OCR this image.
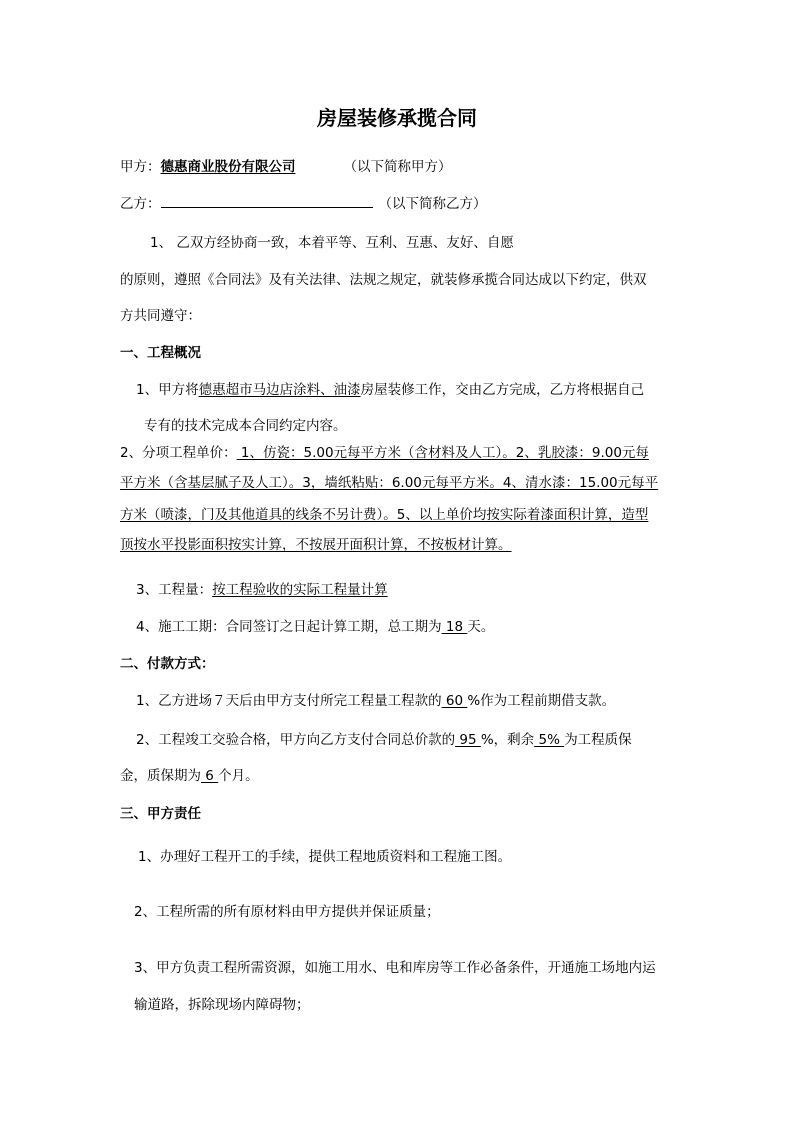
房屋装修承揽合同
甲方：德惠商业股份有限公司	（以下简称甲方）
乙方：	（以下简称乙方）
1、 乙双方经协商一致，本着平等、互利、互惠、友好、自愿
的原则，遵照《合同法》及有关法律、法规之规定，就装修承揽合同达成以下约定，供双
方共同遵守：
一、工程概况
1、甲方将德惠超市马边店涂料、油漆房屋装修工作，交由乙方完成，乙方将根据自己
专有的技术完成本合同约定内容。
2、分项工程单价： 1、仿瓷：5.00元每平方米（含材料及人工）。2、乳胶漆：9.00元每
平方米（含基层腻子及人工）。3，墙纸粘贴：6.00元每平方米。4、清水漆：15.00元每平
方米（喷漆，门及其他道具的线条不另计费）。5、以上单价均按实际着漆面积计算，造型
顶按水平投影面积按实计算，不按展开面积计算，不按板材计算。
3、工程量：按工程验收的实际工程量计算
4、施工工期：合同签订之日起计算工期，总工期为 18 天。
二、付款方式：
1、乙方进场７天后由甲方支付所完工程量工程款的 60 %作为工程前期借支款。
2、工程竣工交验合格，甲方向乙方支付合同总价款的 95 %，剩余 5% 为工程质保
金，质保期为 6 个月。
三、甲方责任
1、办理好工程开工的手续，提供工程地质资料和工程施工图。
2、工程所需的所有原材料由甲方提供并保证质量；
3、甲方负责工程所需资源，如施工用水、电和库房等工作必备条件，开通施工场地内运
输道路，拆除现场内障碍物；
